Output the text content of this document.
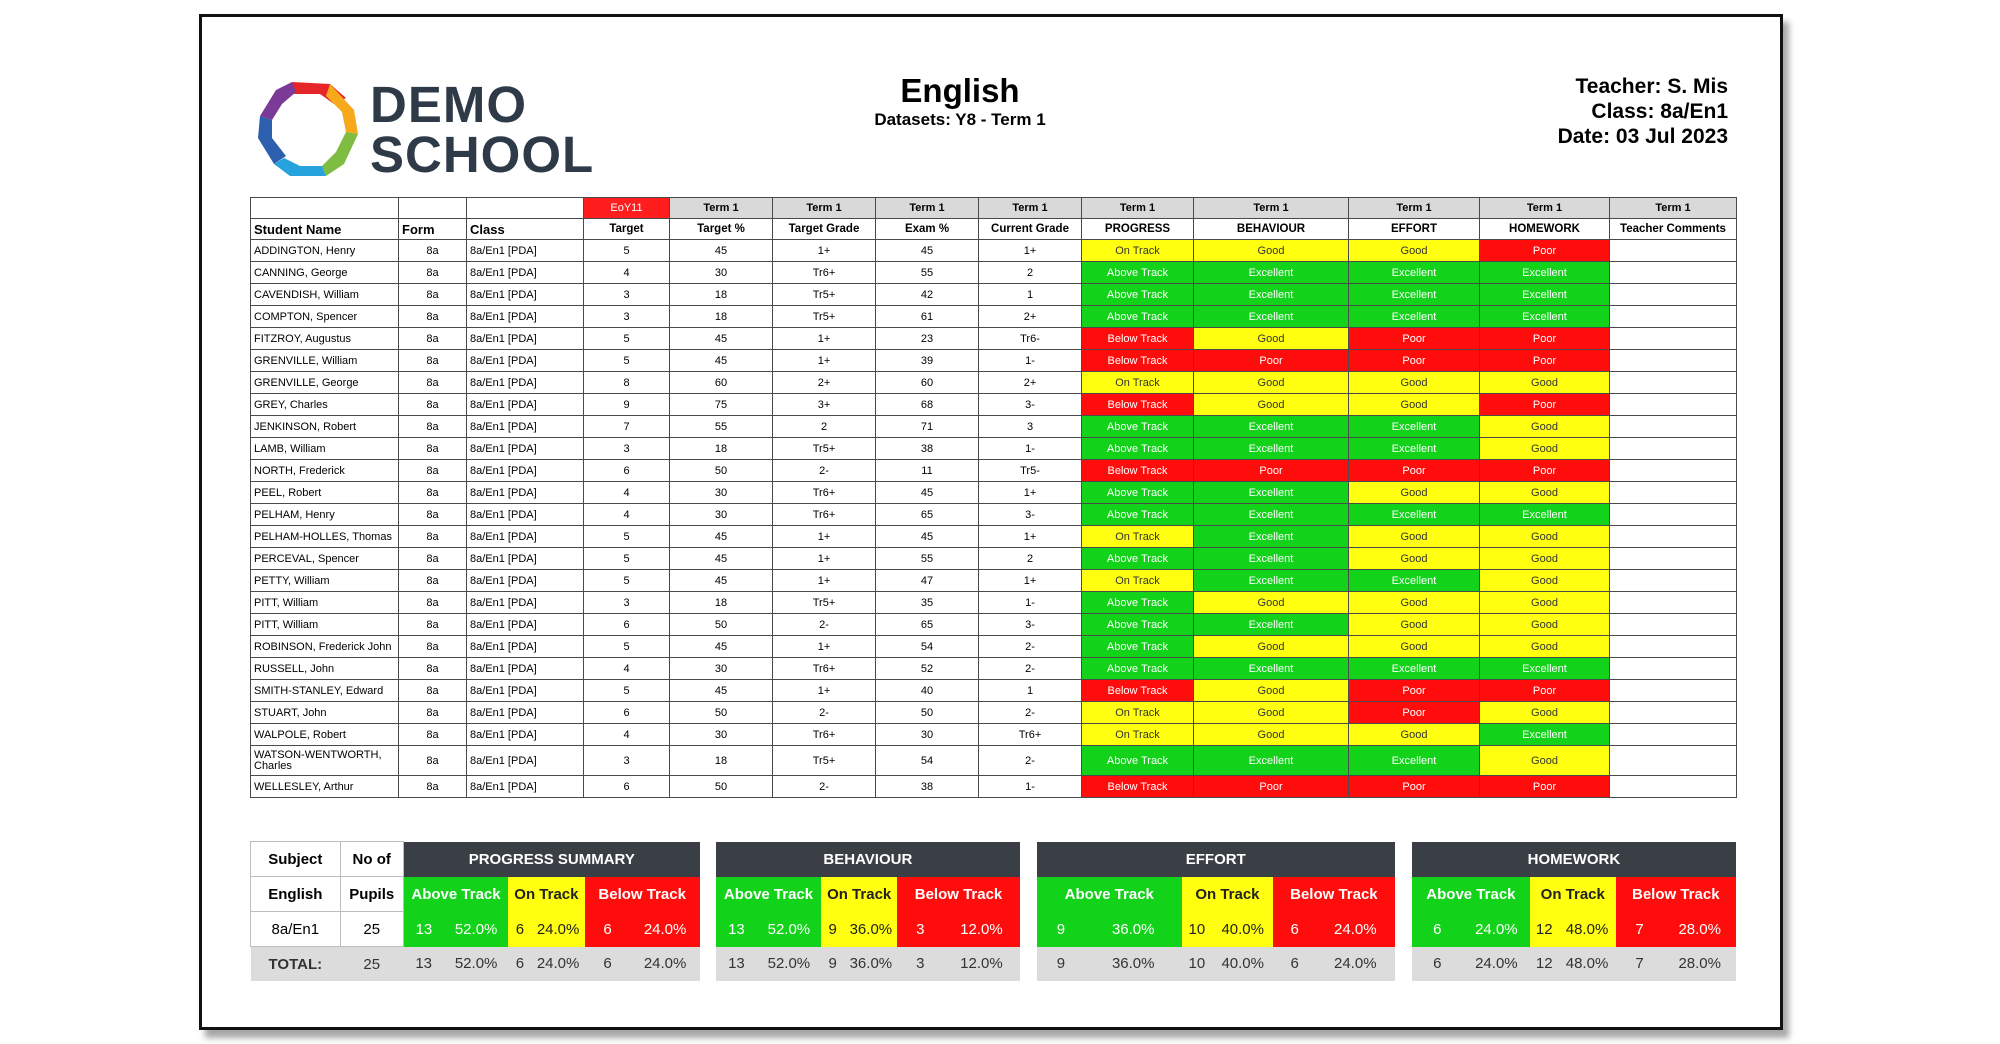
DEMO
SCHOOL
English
Datasets: Y8 - Term 1
Teacher: S. Mis
Class: 8a/En1
Date: 03 Jul 2023
			EoY11	Term 1	Term 1	Term 1	Term 1	Term 1	Term 1	Term 1	Term 1	Term 1
Student Name	Form	Class	Target	Target %	Target Grade	Exam %	Current Grade	PROGRESS	BEHAVIOUR	EFFORT	HOMEWORK	Teacher Comments
ADDINGTON, Henry	8a	8a/En1 [PDA]	5	45	1+	45	1+	On Track	Good	Good	Poor	
CANNING, George	8a	8a/En1 [PDA]	4	30	Tr6+	55	2	Above Track	Excellent	Excellent	Excellent	
CAVENDISH, William	8a	8a/En1 [PDA]	3	18	Tr5+	42	1	Above Track	Excellent	Excellent	Excellent	
COMPTON, Spencer	8a	8a/En1 [PDA]	3	18	Tr5+	61	2+	Above Track	Excellent	Excellent	Excellent	
FITZROY, Augustus	8a	8a/En1 [PDA]	5	45	1+	23	Tr6-	Below Track	Good	Poor	Poor	
GRENVILLE, William	8a	8a/En1 [PDA]	5	45	1+	39	1-	Below Track	Poor	Poor	Poor	
GRENVILLE, George	8a	8a/En1 [PDA]	8	60	2+	60	2+	On Track	Good	Good	Good	
GREY, Charles	8a	8a/En1 [PDA]	9	75	3+	68	3-	Below Track	Good	Good	Poor	
JENKINSON, Robert	8a	8a/En1 [PDA]	7	55	2	71	3	Above Track	Excellent	Excellent	Good	
LAMB, William	8a	8a/En1 [PDA]	3	18	Tr5+	38	1-	Above Track	Excellent	Excellent	Good	
NORTH, Frederick	8a	8a/En1 [PDA]	6	50	2-	11	Tr5-	Below Track	Poor	Poor	Poor	
PEEL, Robert	8a	8a/En1 [PDA]	4	30	Tr6+	45	1+	Above Track	Excellent	Good	Good	
PELHAM, Henry	8a	8a/En1 [PDA]	4	30	Tr6+	65	3-	Above Track	Excellent	Excellent	Excellent	
PELHAM-HOLLES, Thomas	8a	8a/En1 [PDA]	5	45	1+	45	1+	On Track	Excellent	Good	Good	
PERCEVAL, Spencer	8a	8a/En1 [PDA]	5	45	1+	55	2	Above Track	Excellent	Good	Good	
PETTY, William	8a	8a/En1 [PDA]	5	45	1+	47	1+	On Track	Excellent	Excellent	Good	
PITT, William	8a	8a/En1 [PDA]	3	18	Tr5+	35	1-	Above Track	Good	Good	Good	
PITT, William	8a	8a/En1 [PDA]	6	50	2-	65	3-	Above Track	Excellent	Good	Good	
ROBINSON, Frederick John	8a	8a/En1 [PDA]	5	45	1+	54	2-	Above Track	Good	Good	Good	
RUSSELL, John	8a	8a/En1 [PDA]	4	30	Tr6+	52	2-	Above Track	Excellent	Excellent	Excellent	
SMITH-STANLEY, Edward	8a	8a/En1 [PDA]	5	45	1+	40	1	Below Track	Good	Poor	Poor	
STUART, John	8a	8a/En1 [PDA]	6	50	2-	50	2-	On Track	Good	Poor	Good	
WALPOLE, Robert	8a	8a/En1 [PDA]	4	30	Tr6+	30	Tr6+	On Track	Good	Good	Excellent	
WATSON-WENTWORTH, Charles	8a	8a/En1 [PDA]	3	18	Tr5+	54	2-	Above Track	Excellent	Excellent	Good	
WELLESLEY, Arthur	8a	8a/En1 [PDA]	6	50	2-	38	1-	Below Track	Poor	Poor	Poor	
Subject	No of	PROGRESS SUMMARY							BEHAVIOUR							EFFORT							HOMEWORK					
English	Pupils	Above Track		On Track		Below Track			Above Track		On Track		Below Track			Above Track		On Track		Below Track			Above Track		On Track		Below Track	
8a/En1	25	13	52.0%	6	24.0%	6	24.0%		13	52.0%	9	36.0%	3	12.0%		9	36.0%	10	40.0%	6	24.0%		6	24.0%	12	48.0%	7	28.0%
TOTAL:	25	13	52.0%	6	24.0%	6	24.0%		13	52.0%	9	36.0%	3	12.0%		9	36.0%	10	40.0%	6	24.0%		6	24.0%	12	48.0%	7	28.0%
